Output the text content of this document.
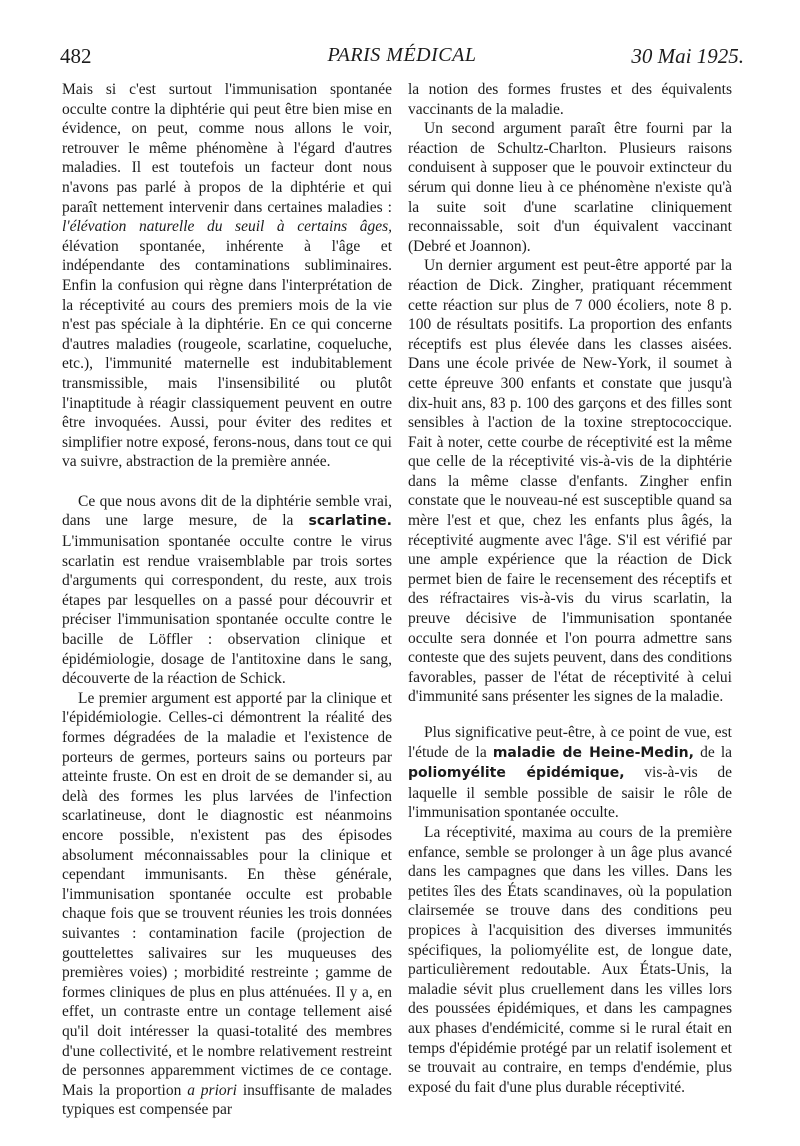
482	PARIS MÉDICAL	30 Mai 1925.

Mais si c'est surtout l'immunisation spontanée occulte contre la diphtérie qui peut être bien mise en évidence, on peut, comme nous allons le voir, retrouver le même phénomène à l'égard d'autres maladies. Il est toutefois un facteur dont nous n'avons pas parlé à propos de la diphtérie et qui paraît nettement intervenir dans certaines maladies : l'élévation naturelle du seuil à certains âges, élévation spontanée, inhérente à l'âge et indépendante des contaminations subliminaires. Enfin la confusion qui règne dans l'interprétation de la réceptivité au cours des premiers mois de la vie n'est pas spéciale à la diphtérie. En ce qui concerne d'autres maladies (rougeole, scarlatine, coqueluche, etc.), l'immunité maternelle est indubitablement transmissible, mais l'insensibilité ou plutôt l'inaptitude à réagir classiquement peuvent en outre être invoquées. Aussi, pour éviter des redites et simplifier notre exposé, ferons-nous, dans tout ce qui va suivre, abstraction de la première année.

Ce que nous avons dit de la diphtérie semble vrai, dans une large mesure, de la scarlatine. L'immunisation spontanée occulte contre le virus scarlatin est rendue vraisemblable par trois sortes d'arguments qui correspondent, du reste, aux trois étapes par lesquelles on a passé pour découvrir et préciser l'immunisation spontanée occulte contre le bacille de Löffler : observation clinique et épidémiologie, dosage de l'antitoxine dans le sang, découverte de la réaction de Schick.

Le premier argument est apporté par la clinique et l'épidémiologie. Celles-ci démontrent la réalité des formes dégradées de la maladie et l'existence de porteurs de germes, porteurs sains ou porteurs par atteinte fruste. On est en droit de se demander si, au delà des formes les plus larvées de l'infection scarlatineuse, dont le diagnostic est néanmoins encore possible, n'existent pas des épisodes absolument méconnaissables pour la clinique et cependant immunisants. En thèse générale, l'immunisation spontanée occulte est probable chaque fois que se trouvent réunies les trois données suivantes : contamination facile (projection de gouttelettes salivaires sur les muqueuses des premières voies) ; morbidité restreinte ; gamme de formes cliniques de plus en plus atténuées. Il y a, en effet, un contraste entre un contage tellement aisé qu'il doit intéresser la quasi-totalité des membres d'une collectivité, et le nombre relativement restreint de personnes apparemment victimes de ce contage. Mais la proportion a priori insuffisante de malades typiques est compensée par

la notion des formes frustes et des équivalents vaccinants de la maladie.

Un second argument paraît être fourni par la réaction de Schultz-Charlton. Plusieurs raisons conduisent à supposer que le pouvoir extincteur du sérum qui donne lieu à ce phénomène n'existe qu'à la suite soit d'une scarlatine cliniquement reconnaissable, soit d'un équivalent vaccinant (Debré et Joannon).

Un dernier argument est peut-être apporté par la réaction de Dick. Zingher, pratiquant récemment cette réaction sur plus de 7 000 écoliers, note 8 p. 100 de résultats positifs. La proportion des enfants réceptifs est plus élevée dans les classes aisées. Dans une école privée de New-York, il soumet à cette épreuve 300 enfants et constate que jusqu'à dix-huit ans, 83 p. 100 des garçons et des filles sont sensibles à l'action de la toxine streptococcique. Fait à noter, cette courbe de réceptivité est la même que celle de la réceptivité vis-à-vis de la diphtérie dans la même classe d'enfants. Zingher enfin constate que le nouveau-né est susceptible quand sa mère l'est et que, chez les enfants plus âgés, la réceptivité augmente avec l'âge. S'il est vérifié par une ample expérience que la réaction de Dick permet bien de faire le recensement des réceptifs et des réfractaires vis-à-vis du virus scarlatin, la preuve décisive de l'immunisation spontanée occulte sera donnée et l'on pourra admettre sans conteste que des sujets peuvent, dans des conditions favorables, passer de l'état de réceptivité à celui d'immunité sans présenter les signes de la maladie.

Plus significative peut-être, à ce point de vue, est l'étude de la maladie de Heine-Medin, de la poliomyélite épidémique, vis-à-vis de laquelle il semble possible de saisir le rôle de l'immunisation spontanée occulte.

La réceptivité, maxima au cours de la première enfance, semble se prolonger à un âge plus avancé dans les campagnes que dans les villes. Dans les petites îles des États scandinaves, où la population clairsemée se trouve dans des conditions peu propices à l'acquisition des diverses immunités spécifiques, la poliomyélite est, de longue date, particulièrement redoutable. Aux États-Unis, la maladie sévit plus cruellement dans les villes lors des poussées épidémiques, et dans les campagnes aux phases d'endémicité, comme si le rural était en temps d'épidémie protégé par un relatif isolement et se trouvait au contraire, en temps d'endémie, plus exposé du fait d'une plus durable réceptivité.
